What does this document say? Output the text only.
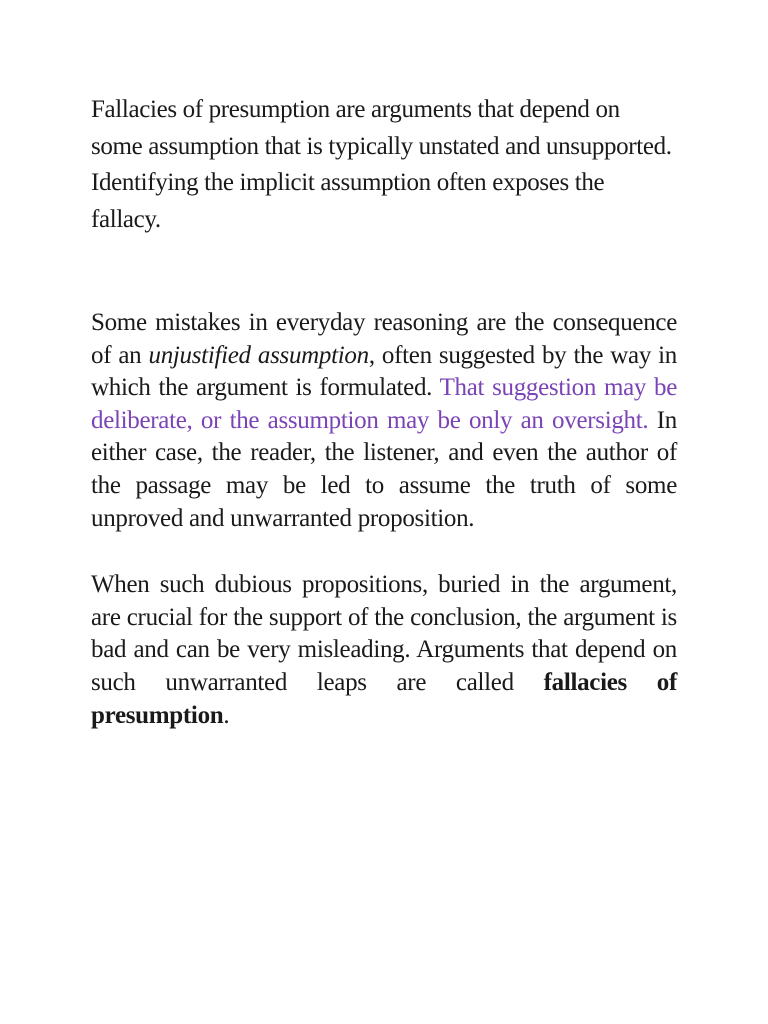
Fallacies of presumption are arguments that depend on some assumption that is typically unstated and unsupported. Identifying the implicit assumption often exposes the fallacy.

Some mistakes in everyday reasoning are the consequence of an unjustified assumption, often suggested by the way in which the argument is formulated. That suggestion may be deliberate, or the assumption may be only an oversight. In either case, the reader, the listener, and even the author of the passage may be led to assume the truth of some unproved and unwarranted proposition.

When such dubious propositions, buried in the argument, are crucial for the support of the conclusion, the argument is bad and can be very misleading. Arguments that depend on such unwarranted leaps are called fallacies of presumption.
